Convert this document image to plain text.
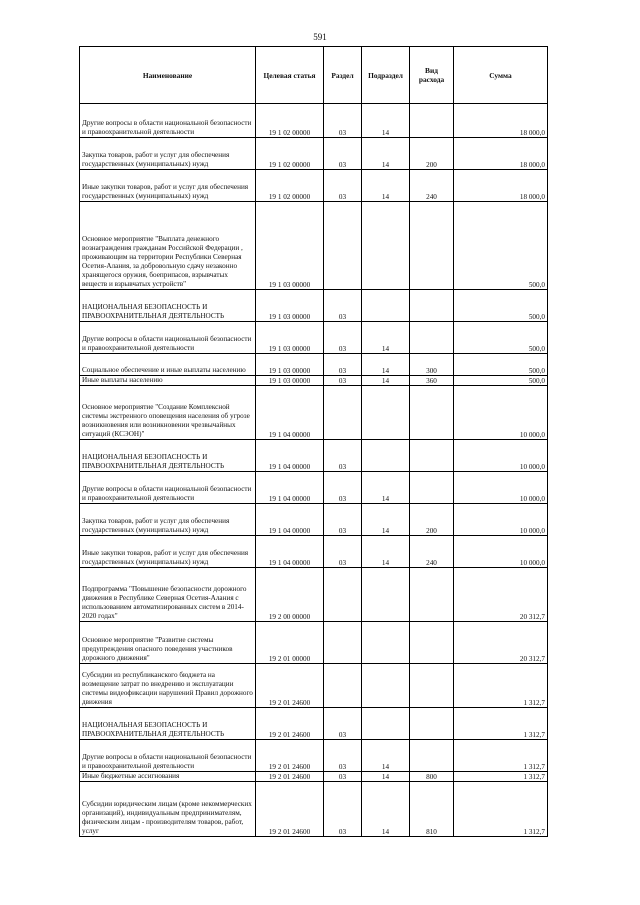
591
Наименование	Целевая статья	Раздел	Подраздел	Вид расхода	Сумма
Другие вопросы в области национальной безопасности и правоохранительной деятельности	19 1 02 00000	03	14		18 000,0
Закупка товаров, работ и услуг для обеспечения государственных (муниципальных) нужд	19 1 02 00000	03	14	200	18 000,0
Иные закупки товаров, работ и услуг для обеспечения государственных (муниципальных) нужд	19 1 02 00000	03	14	240	18 000,0
Основное мероприятие "Выплата денежного вознаграждения гражданам Российской Федерации , проживающим на территории Республики Северная Осетия-Алания, за добровольную сдачу незаконно хранящегося оружия, боеприпасов, взрывчатых веществ и взрывчатых устройств"	19 1 03 00000				500,0
НАЦИОНАЛЬНАЯ БЕЗОПАСНОСТЬ И ПРАВООХРАНИТЕЛЬНАЯ ДЕЯТЕЛЬНОСТЬ	19 1 03 00000	03			500,0
Другие вопросы в области национальной безопасности и правоохранительной деятельности	19 1 03 00000	03	14		500,0
Социальное обеспечение и иные выплаты населению	19 1 03 00000	03	14	300	500,0
Иные выплаты населению	19 1 03 00000	03	14	360	500,0
Основное мероприятие "Создание Комплексной системы экстренного оповещения населения об угрозе возникновения или возникновении чрезвычайных ситуаций (КСЭОН)"	19 1 04 00000				10 000,0
НАЦИОНАЛЬНАЯ БЕЗОПАСНОСТЬ И ПРАВООХРАНИТЕЛЬНАЯ ДЕЯТЕЛЬНОСТЬ	19 1 04 00000	03			10 000,0
Другие вопросы в области национальной безопасности и правоохранительной деятельности	19 1 04 00000	03	14		10 000,0
Закупка товаров, работ и услуг для обеспечения государственных (муниципальных) нужд	19 1 04 00000	03	14	200	10 000,0
Иные закупки товаров, работ и услуг для обеспечения государственных (муниципальных) нужд	19 1 04 00000	03	14	240	10 000,0
Подпрограмма "Повышение безопасности дорожного движения в Республике Северная Осетия-Алания с использованием автоматизированных систем в 2014-2020 годах"	19 2 00 00000				20 312,7
Основное мероприятие "Развитие системы предупреждения опасного поведения участников дорожного движения"	19 2 01 00000				20 312,7
Субсидии из республиканского бюджета на возмещение затрат по внедрению и эксплуатации системы видеофиксации нарушений Правил дорожного движения	19 2 01 24600				1 312,7
НАЦИОНАЛЬНАЯ БЕЗОПАСНОСТЬ И ПРАВООХРАНИТЕЛЬНАЯ ДЕЯТЕЛЬНОСТЬ	19 2 01 24600	03			1 312,7
Другие вопросы в области национальной безопасности и правоохранительной деятельности	19 2 01 24600	03	14		1 312,7
Иные бюджетные ассигнования	19 2 01 24600	03	14	800	1 312,7
Субсидии юридическим лицам (кроме некоммерческих организаций), индивидуальным предпринимателям, физическим лицам - производителям товаров, работ, услуг	19 2 01 24600	03	14	810	1 312,7
